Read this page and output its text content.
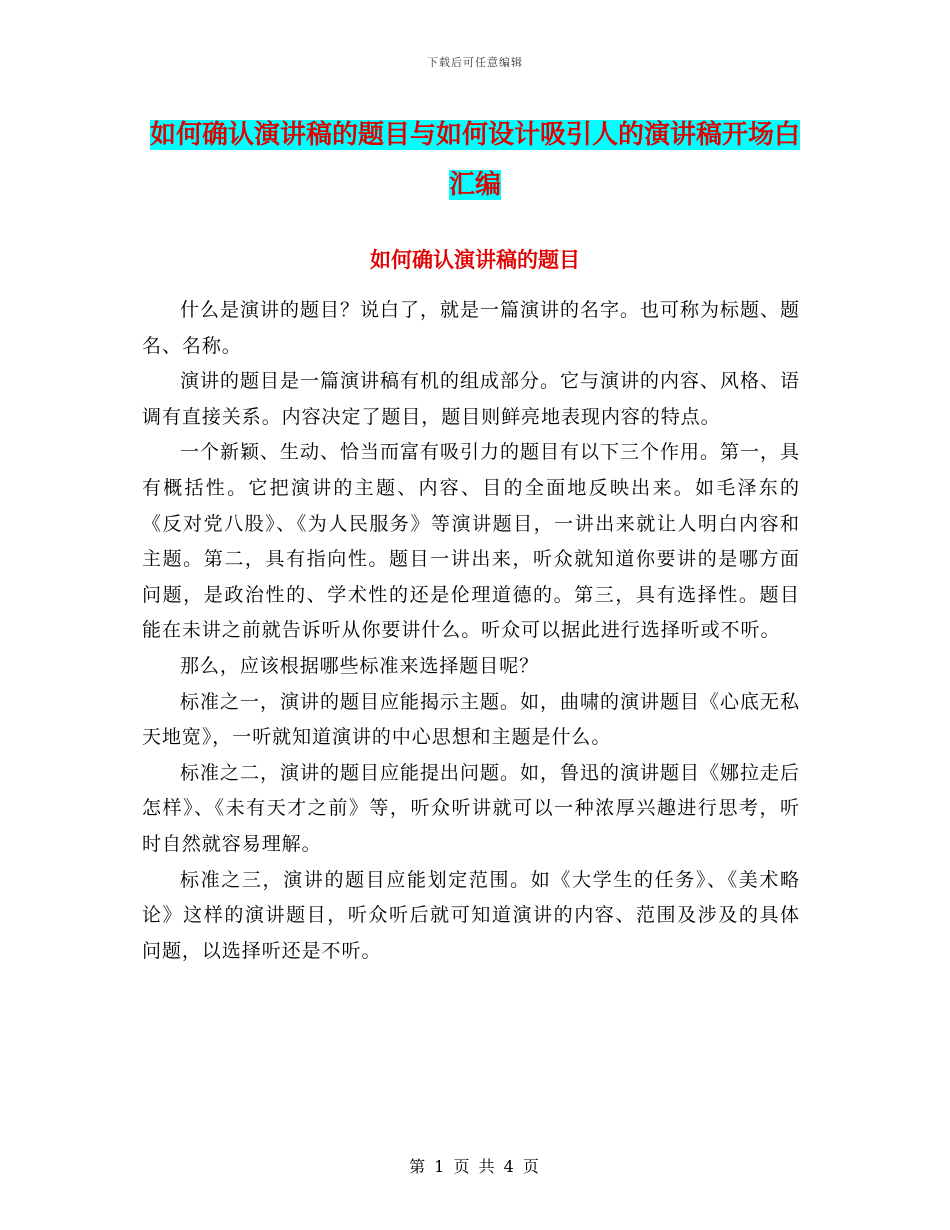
下载后可任意编辑
如何确认演讲稿的题目与如何设计吸引人的演讲稿开场白汇编
如何确认演讲稿的题目

什么是演讲的题目？说白了，就是一篇演讲的名字。也可称为标题、题名、名称。

演讲的题目是一篇演讲稿有机的组成部分。它与演讲的内容、风格、语调有直接关系。内容决定了题目，题目则鲜亮地表现内容的特点。

一个新颖、生动、恰当而富有吸引力的题目有以下三个作用。第一，具有概括性。它把演讲的主题、内容、目的全面地反映出来。如毛泽东的《反对党八股》、《为人民服务》等演讲题目，一讲出来就让人明白内容和主题。第二，具有指向性。题目一讲出来，听众就知道你要讲的是哪方面问题，是政治性的、学术性的还是伦理道德的。第三，具有选择性。题目能在未讲之前就告诉听从你要讲什么。听众可以据此进行选择听或不听。

那么，应该根据哪些标准来选择题目呢？

标准之一，演讲的题目应能揭示主题。如，曲啸的演讲题目《心底无私天地宽》，一听就知道演讲的中心思想和主题是什么。

标准之二，演讲的题目应能提出问题。如，鲁迅的演讲题目《娜拉走后怎样》、《未有天才之前》等，听众听讲就可以一种浓厚兴趣进行思考，听时自然就容易理解。

标准之三，演讲的题目应能划定范围。如《大学生的任务》、《美术略论》这样的演讲题目，听众听后就可知道演讲的内容、范围及涉及的具体问题，以选择听还是不听。

第 1 页 共 4 页
